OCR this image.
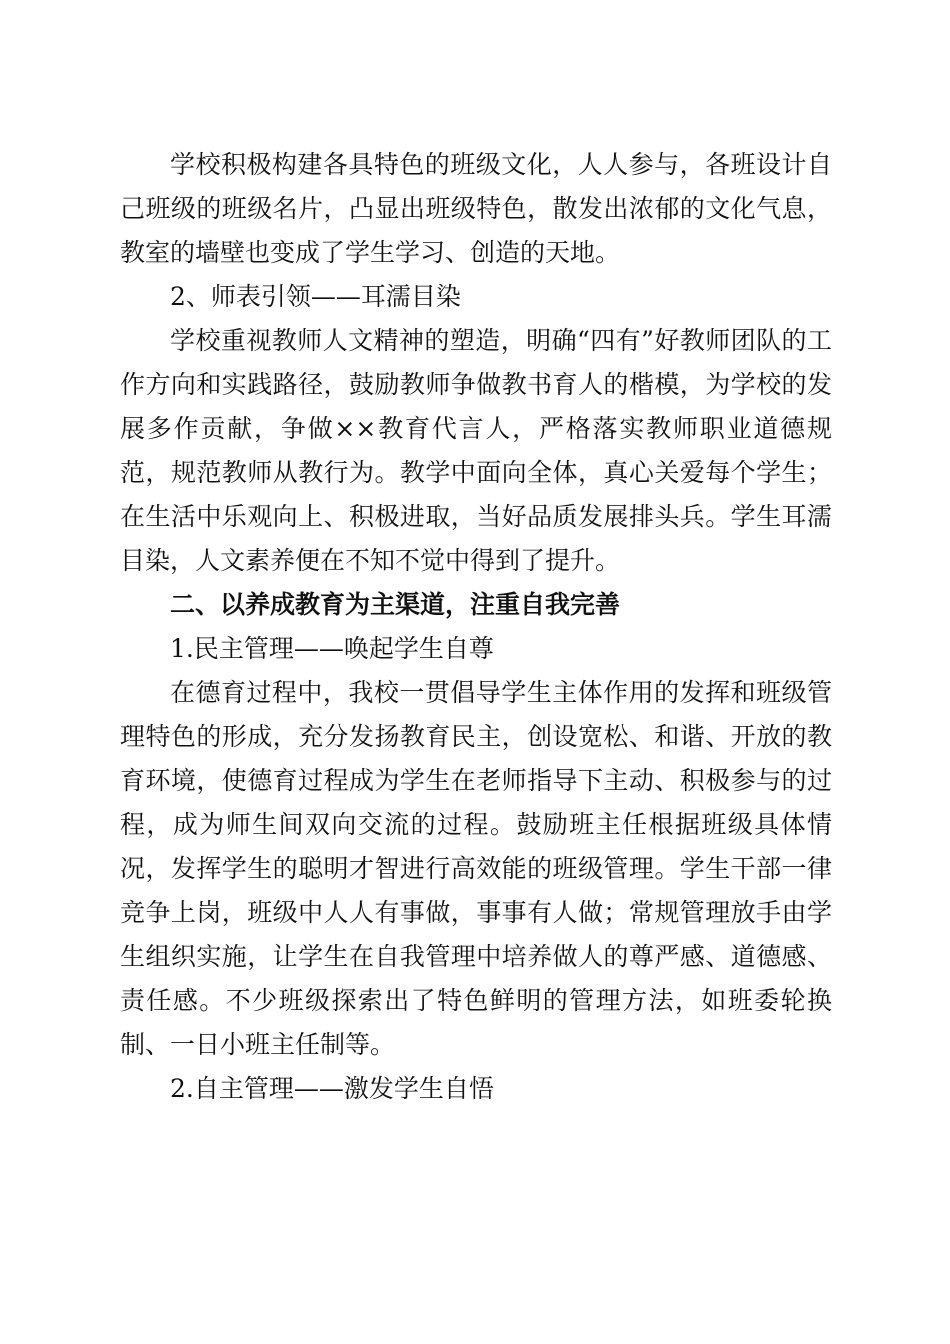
学校积极构建各具特色的班级文化，人人参与，各班设计自己班级的班级名片，凸显出班级特色，散发出浓郁的文化气息，教室的墙壁也变成了学生学习、创造的天地。

2、师表引领——耳濡目染

学校重视教师人文精神的塑造，明确“四有”好教师团队的工作方向和实践路径，鼓励教师争做教书育人的楷模，为学校的发展多作贡献，争做××教育代言人，严格落实教师职业道德规范，规范教师从教行为。教学中面向全体，真心关爱每个学生；在生活中乐观向上、积极进取，当好品质发展排头兵。学生耳濡目染，人文素养便在不知不觉中得到了提升。

二、以养成教育为主渠道，注重自我完善

1.民主管理——唤起学生自尊

在德育过程中，我校一贯倡导学生主体作用的发挥和班级管理特色的形成，充分发扬教育民主，创设宽松、和谐、开放的教育环境，使德育过程成为学生在老师指导下主动、积极参与的过程，成为师生间双向交流的过程。鼓励班主任根据班级具体情况，发挥学生的聪明才智进行高效能的班级管理。学生干部一律竞争上岗，班级中人人有事做，事事有人做；常规管理放手由学生组织实施，让学生在自我管理中培养做人的尊严感、道德感、责任感。不少班级探索出了特色鲜明的管理方法，如班委轮换制、一日小班主任制等。

2.自主管理——激发学生自悟
